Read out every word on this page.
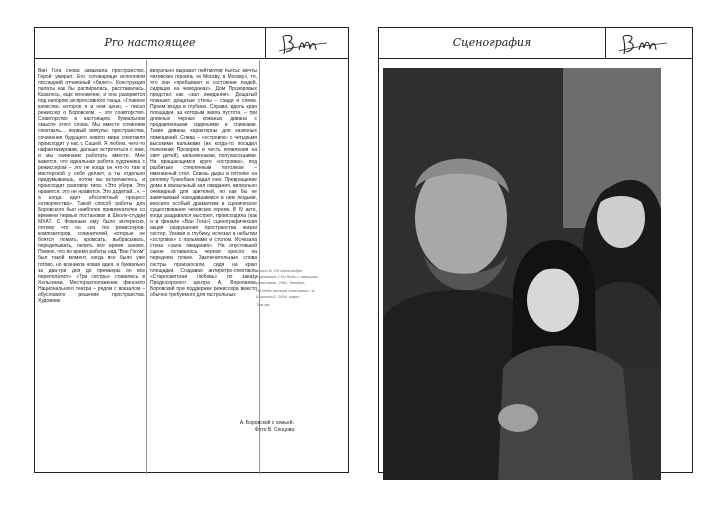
Pro настоящее

Ван Гога снова замыкала пространство. Герой умирал. Его сотоварищи исполняли последний отчаянный «балет». Конструкция палаты как бы распиралась, расставалась. Казалось, еще мгновение, и она разорвется под напором экспрессивного танца. «Главное качество, которое я в нем ценю, – писал режиссер о Боровском, – это соавторство. Соавторство в настоящем, буквальном смысле этого слова. Мы вместе сочиняем спектакль... первый импульс пространства, сочинения будущего нового мира спектакля происходит у нас с Сашей. Я люблю, чего-то нафантазировав, дальше встретиться с ним, и мы начинаем работать вместе. Мне кажется, что идеальная работа художника с режиссером – это не когда он что-то там в мастерской у себя делает, а ты отдельно придумываешь, потом вы встречаетесь, и происходит разговор типа: «Это убери. Это нравится, это не нравится. Это доделай...», – а когда идет абсолютный процесс сотворчества». Такой способ работы для Боровского был наиболее привлекателен со времени первых постановок в Школе-студии МХАТ. С Фокиным ему было интересно, потому что он «из тех режиссеров-композиторов, сочинителей, которые не боятся ломать, кромсать, выбрасывать, переделывать, лепить все время заново. Помню, что во время работы над "Ван Гогом" был такой момент, когда все было уже готово, но возникла новая идея, и буквально за два-три дня до премьеры он все переполатил». «Три сестры» ставились в Хельсинки. Месторасположение финского Национального театра – рядом с вокзалом – обусловило решение пространства. Художник

визуально выразил лейтмотив пьесы: мечты чеховских героинь «в Москву, в Москву», то, что они «пребывают в состоянии людей, сидящих на чемоданах». Дом Прозоровых предстал как «зал ожидания». Дощатый планшет, дощатые стены – сзади и слева. Проем входа в глубине. Справа, вдоль края площадки, за которым зияла пустота, – три длинных черных кожаных дивана с продавленными сиденьями и спинками. Такие диваны характерны для казенных помещений. Слева – «островок» с четырьмя высокими пальмами (их когда-то посадил полковник Прозоров в честь появления на свет детей), запыленными, полузасохшими. На вращающемся круге «островка», под разбитым стеклянным потолком – именинный стол. Сквозь дыры в потолке на реплику Тузенбаха падал снег. Превращение дома в вокзальный зал ожидания, визуально очевидный для зрителей, но как бы не замечаемый находившимися в нем людьми, вносило особый драматизм в сценическое существование чеховских героев. В IV акте, когда раздавался выстрел, происходила (как и в финале «Ван Гога») сценографическая акция разрушения пространства жизни сестер. Уезжая в глубину, исчезал в небытии «островок» с пальмами и столом. Исчезала стена «зала ожидания». На опустевшей сцене оставалось черное кресло на переднем плане. Заключительные слова сестры произносили, сидя на краю площадки. Создавая антиретро-спектакль «Старосветская любовь» по заказу Продюсерского центра А. Воропаева, Боровский при поддержке режиссера вместо обычно требуемого для гастрольных

Сценография

Фокин В. Об Александре Боровском // Ни беды с автором спектакля. 2002, декабрь.

Ни беды автора спектакля / А. Боровский, 2004, март.

Там же.

А. Боровский с семьей.
Фото В. Сенцова
